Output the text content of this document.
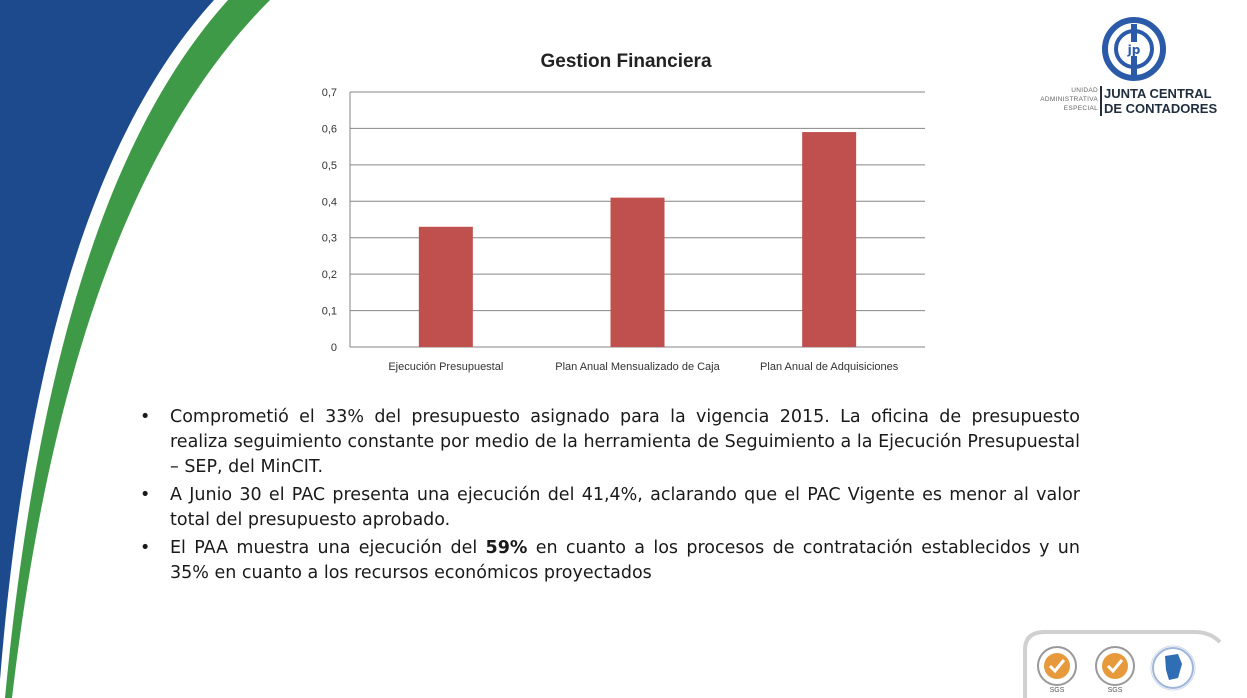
jp
UNIDAD
ADMINISTRATIVA
ESPECIAL
JUNTA CENTRAL
DE CONTADORES
Gestion Financiera
0
0,1
0,2
0,3
0,4
0,5
0,6
0,7
Ejecución Presupuestal	Plan Anual Mensualizado de Caja	Plan Anual de Adquisiciones
• Comprometió el 33% del presupuesto asignado para la vigencia 2015. La oficina de presupuesto realiza seguimiento constante por medio de la herramienta de Seguimiento a la Ejecución Presupuestal – SEP, del MinCIT.
• A Junio 30 el PAC presenta una ejecución del 41,4%, aclarando que el PAC Vigente es menor al valor total del presupuesto aprobado.
• El PAA muestra una ejecución del 59% en cuanto a los procesos de contratación establecidos y un 35% en cuanto a los recursos económicos proyectados
SGS	SGS
